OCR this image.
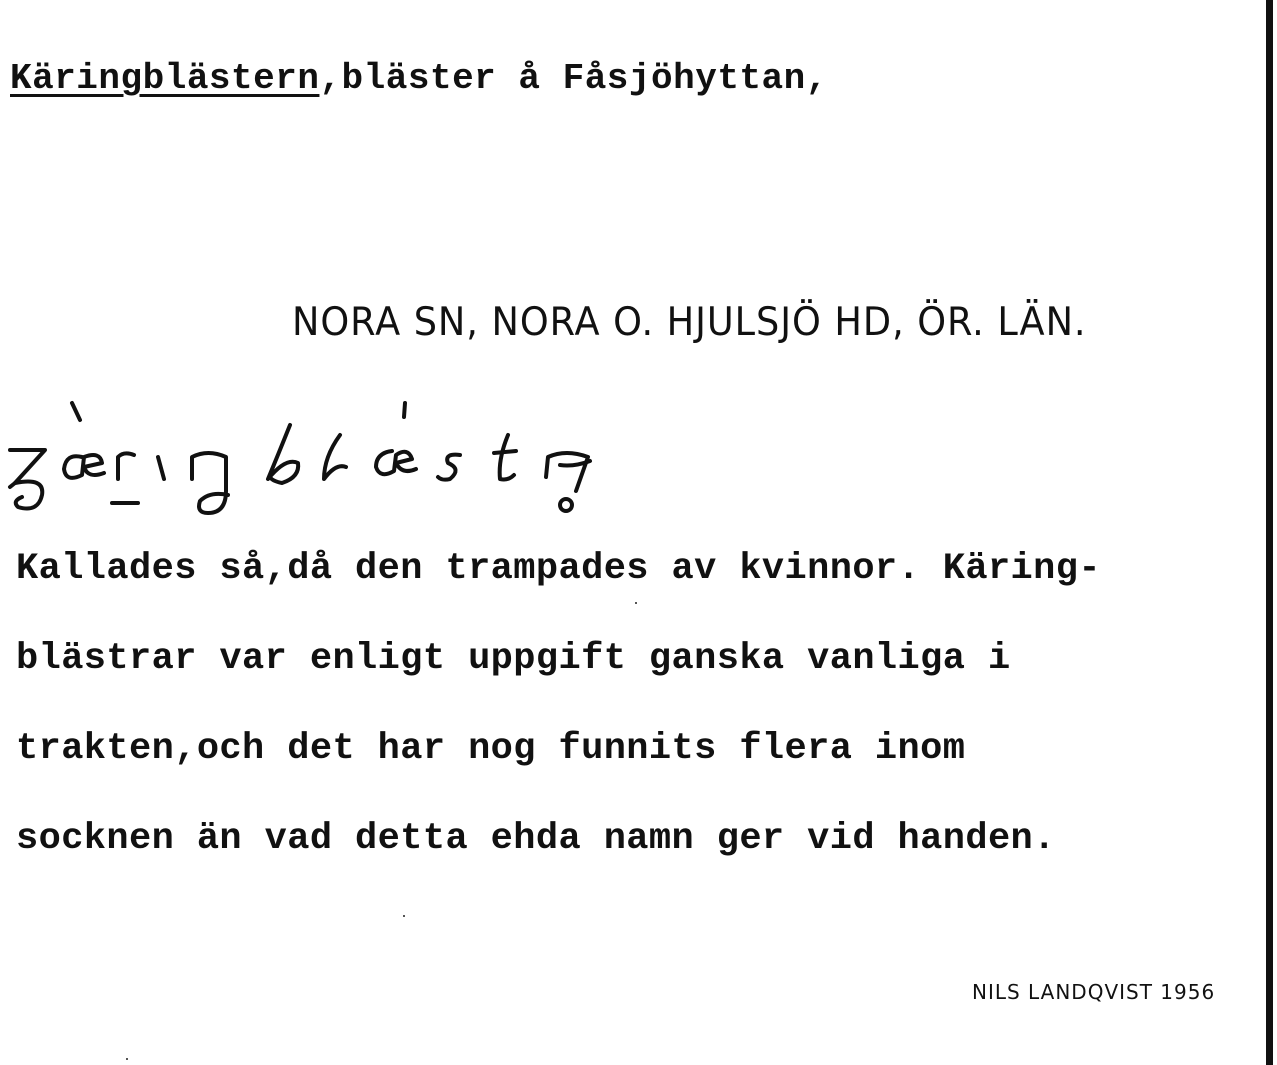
Käringblästern,bläster å Fåsjöhyttan,
NORA SN, NORA O. HJULSJÖ HD, ÖR. LÄN.
Kallades så,då den trampades av kvinnor. Käring-
blästrar var enligt uppgift ganska vanliga i
trakten,och det har nog funnits flera inom
socknen än vad detta ehda namn ger vid handen.
NILS LANDQVIST 1956
